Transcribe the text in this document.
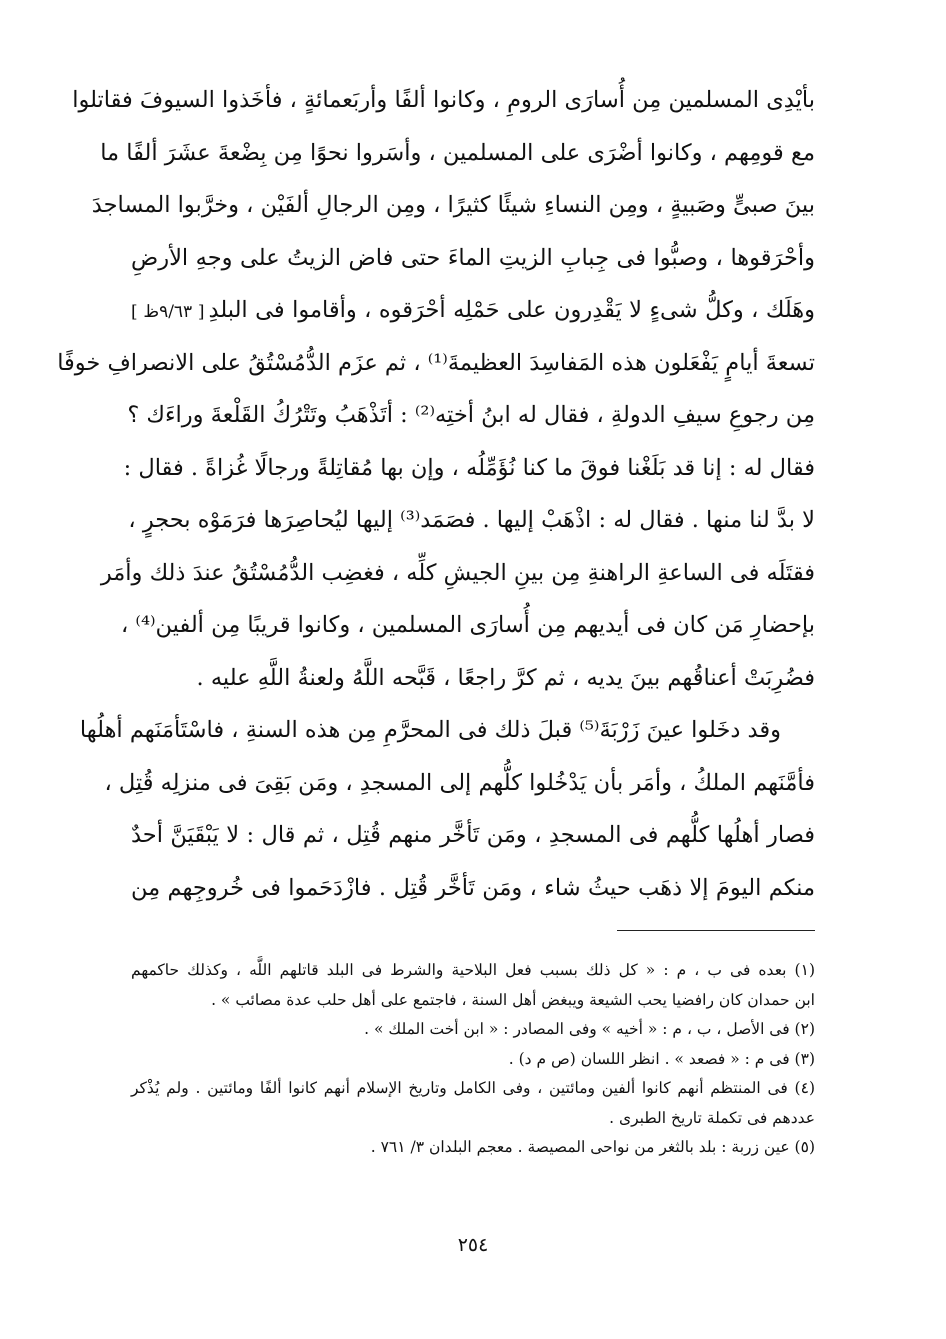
بأيْدِى المسلمين مِن أُسارَى الرومِ ، وكانوا ألفًا وأربَعمائةٍ ، فأخَذوا السيوفَ فقاتلوا
مع قومِهم ، وكانوا أضْرَى على المسلمين ، وأسَروا نحوًا مِن بِضْعةَ عشَرَ ألفًا ما
بينَ صبىٍّ وصَبيةٍ ، ومِن النساءِ شيئًا كثيرًا ، ومِن الرجالِ ألفَيْن ، وخرَّبوا المساجدَ
وأحْرَقوها ، وصبُّوا فى جِبابِ الزيتِ الماءَ حتى فاض الزيتُ على وجهِ الأرضِ
وهَلَك ، وكلُّ شىءٍ لا يَقْدِرون على حَمْلِه أحْرَقوه ، وأقاموا فى البلدِ[ ٩/٦٣ظ ]
تسعةَ أيامٍ يَفْعَلون هذه المَفاسِدَ العظيمةَ⁽¹⁾ ، ثم عزَم الدُّمُسْتُقُ على الانصرافِ خوفًا
مِن رجوعِ سيفِ الدولةِ ، فقال له ابنُ أختِه⁽²⁾ : أتَذْهَبُ وتَتْرُكُ القَلْعةَ وراءَك ؟
فقال له : إنا قد بَلَغْنا فوقَ ما كنا نُؤَمِّلُه ، وإن بها مُقاتِلةً ورجالًا غُزاةً . فقال :
لا بدَّ لنا منها . فقال له : اذْهَبْ إليها . فصَمَد⁽³⁾ إليها ليُحاصِرَها فرَمَوْه بحجرٍ ،
فقتَلَه فى الساعةِ الراهنةِ مِن بينِ الجيشِ كلِّه ، فغضِب الدُّمُسْتُقُ عندَ ذلك وأمَر
بإحضارِ مَن كان فى أيديهم مِن أُسارَى المسلمين ، وكانوا قريبًا مِن ألفين⁽⁴⁾ ،
فضُرِبَتْ أعناقُهم بينَ يديه ، ثم كرَّ راجعًا ، قَبَّحه اللَّهُ ولعنةُ اللَّهِ عليه .
وقد دخَلوا عينَ زَرْبَةَ⁽⁵⁾ قبلَ ذلك فى المحرَّمِ مِن هذه السنةِ ، فاسْتَأمَنَهم أهلُها
فأمَّنَهم الملكُ ، وأمَر بأن يَدْخُلوا كلُّهم إلى المسجدِ ، ومَن بَقِىَ فى منزلِه قُتِل ،
فصار أهلُها كلُّهم فى المسجدِ ، ومَن تَأخَّر منهم قُتِل ، ثم قال : لا يَبْقَيَنَّ أحدٌ
منكم اليومَ إلا ذهَب حيثُ شاء ، ومَن تَأخَّر قُتِل . فازْدَحَموا فى خُروجِهم مِن
(١) بعده فى ب ، م : « كل ذلك بسبب فعل البلاحية والشرط فى البلد قاتلهم اللَّه ، وكذلك حاكمهم
ابن حمدان كان رافضيا يحب الشيعة ويبغض أهل السنة ، فاجتمع على أهل حلب عدة مصائب » .
(٢) فى الأصل ، ب ، م : « أخيه » وفى المصادر : « ابن أخت الملك » .
(٣) فى م : « فصعد » . انظر اللسان (ص م د) .
(٤) فى المنتظم أنهم كانوا ألفين ومائتين ، وفى الكامل وتاريخ الإسلام أنهم كانوا ألفًا ومائتين . ولم يُذْكر
عددهم فى تكملة تاريخ الطبرى .
(٥) عين زربة : بلد بالثغر من نواحى المصيصة . معجم البلدان ٣/ ٧٦١ .
٢٥٤
